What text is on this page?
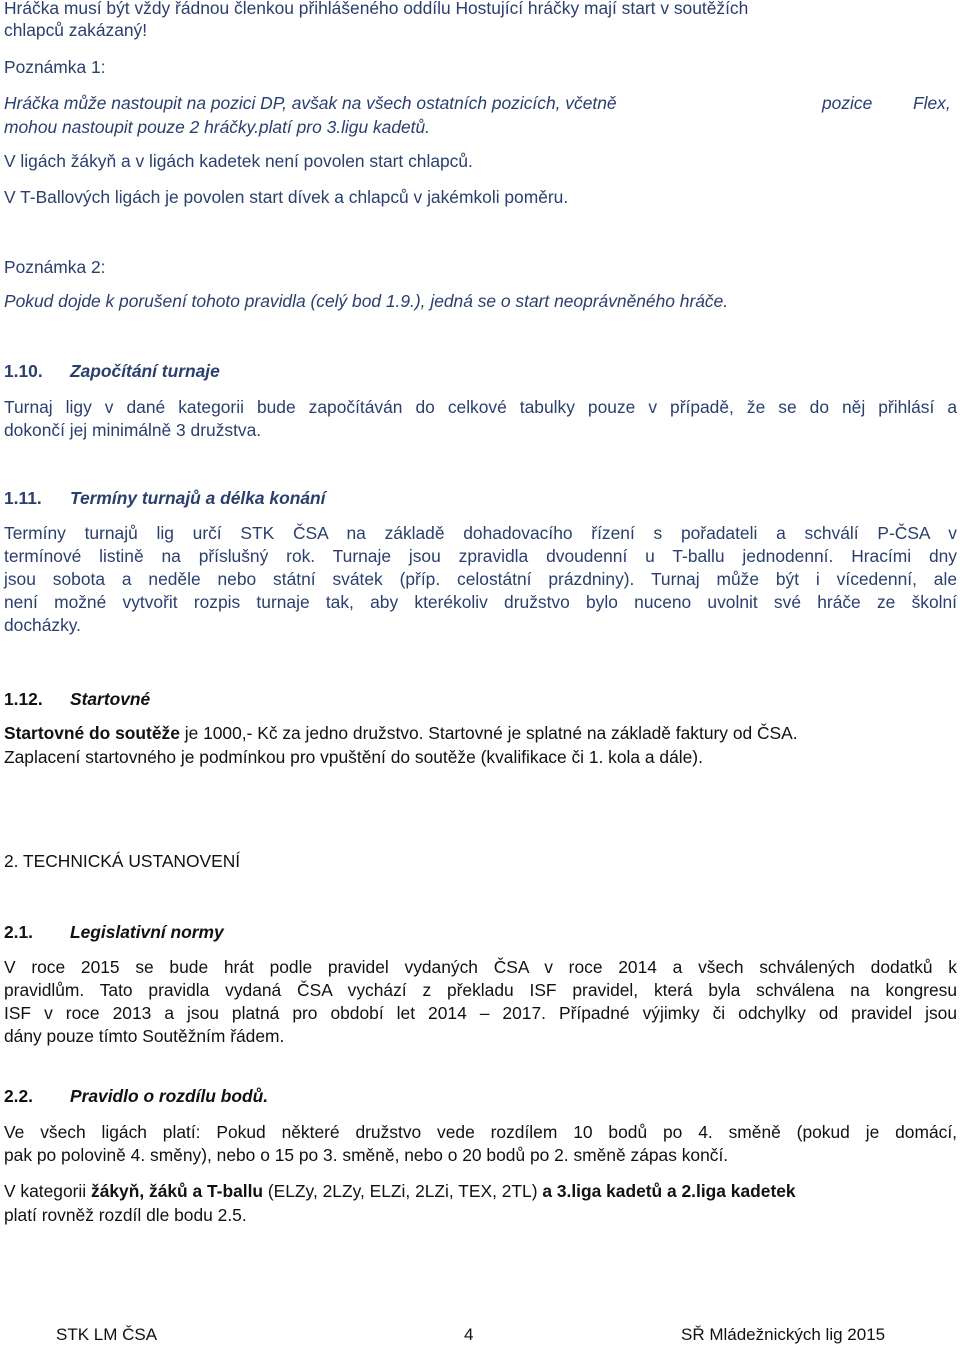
Hráčka musí být vždy řádnou členkou přihlášeného oddílu Hostující hráčky mají start v soutěžích

chlapců zakázaný!

Poznámka 1:

Hráčka může nastoupit na pozici DP, avšak na všech ostatních pozicích, včetně	pozice Flex,

mohou nastoupit pouze 2 hráčky.platí pro 3.ligu kadetů.

V ligách žákyň a v ligách kadetek není povolen start chlapců.

V T-Ballových ligách je povolen start dívek a chlapců v jakémkoli poměru.

Poznámka 2:

Pokud dojde k porušení tohoto pravidla (celý bod 1.9.), jedná se o start neoprávněného hráče.

1.10. Započítání turnaje

Turnaj ligy v dané kategorii bude započítáván do celkové tabulky pouze v případě, že se do něj přihlásí a
dokončí jej minimálně 3 družstva.

1.11. Termíny turnajů a délka konání

Termíny turnajů lig určí STK ČSA na základě dohadovacího řízení s pořadateli a schválí P-ČSA v
termínové listině na příslušný rok. Turnaje jsou zpravidla dvoudenní u T-ballu jednodenní. Hracími dny
jsou sobota a neděle nebo státní svátek (příp. celostátní prázdniny). Turnaj může být i vícedenní, ale
není možné vytvořit rozpis turnaje tak, aby kterékoliv družstvo bylo nuceno uvolnit své hráče ze školní
docházky.

1.12. Startovné

Startovné do soutěže je 1000,- Kč za jedno družstvo. Startovné je splatné na základě faktury od ČSA.

Zaplacení startovného je podmínkou pro vpuštění do soutěže (kvalifikace či 1. kola a dále).

2. TECHNICKÁ USTANOVENÍ

2.1. Legislativní normy

V roce 2015 se bude hrát podle pravidel vydaných ČSA v roce 2014 a všech schválených dodatků k
pravidlům. Tato pravidla vydaná ČSA vychází z překladu ISF pravidel, která byla schválena na kongresu
ISF v roce 2013 a jsou platná pro období let 2014 – 2017. Případné výjimky či odchylky od pravidel jsou
dány pouze tímto Soutěžním řádem.

2.2. Pravidlo o rozdílu bodů.

Ve všech ligách platí: Pokud některé družstvo vede rozdílem 10 bodů po 4. směně (pokud je domácí,
pak po polovině 4. směny), nebo o 15 po 3. směně, nebo o 20 bodů po 2. směně zápas končí.

V kategorii žákyň, žáků a T-ballu (ELZy, 2LZy, ELZi, 2LZi, TEX, 2TL) a 3.liga kadetů a 2.liga kadetek

platí rovněž rozdíl dle bodu 2.5.

STK LM ČSA	4	SŘ Mládežnických lig 2015
